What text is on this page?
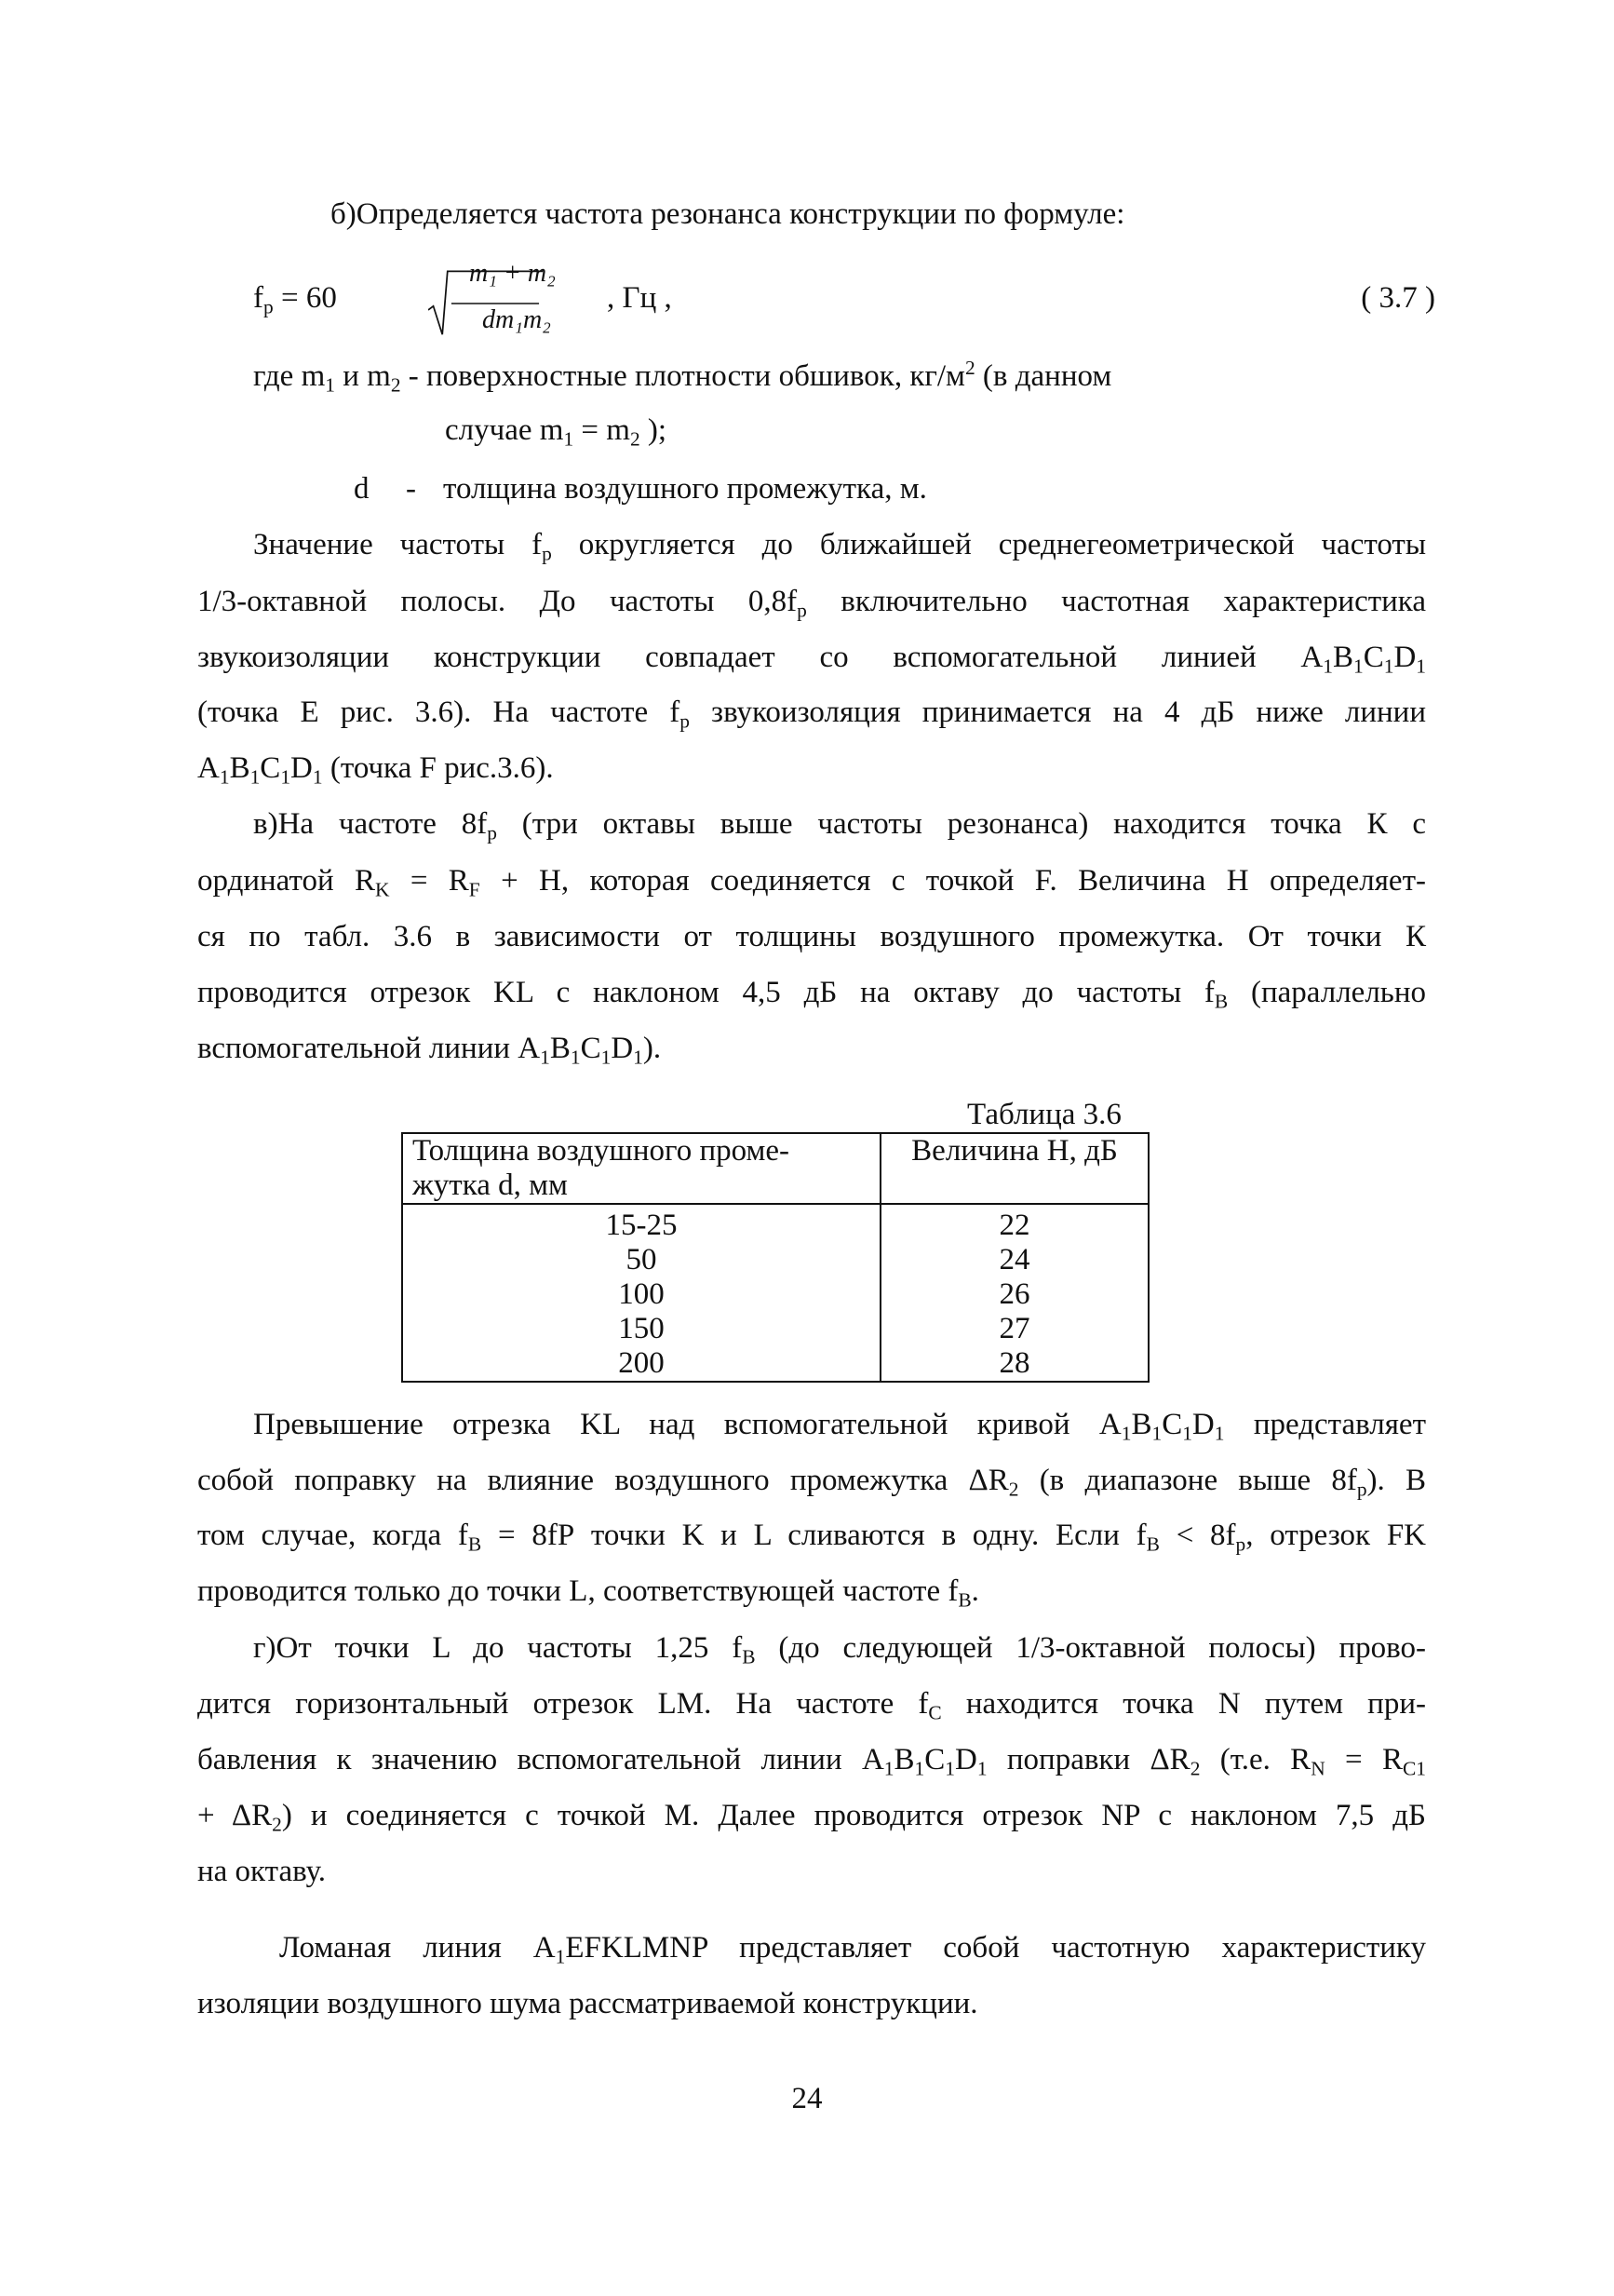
б)Определяется частота резонанса конструкции по формуле:
$f_р = 60$
m₁ + m₂
dm₁m₂
, Гц ,	( 3.7 )
где $m_1$ и $m_2$ - поверхностные плотности обшивок, $кг/м^2$ (в данном
случае $m_1 = m_2$ );
d - толщина воздушного промежутка, м.
Значение частоты $f_р$ округляется до ближайшей среднегеометрической частоты
1/3-октавной полосы. До частоты $0,8f_р$ включительно частотная характеристика
звукоизоляции конструкции совпадает со вспомогательной линией $A_1B_1C_1D_1$
(точка Е рис. 3.6). На частоте $f_р$ звукоизоляция принимается на 4 дБ ниже линии
$A_1B_1C_1D_1$ (точка F рис.3.6).
в)На частоте $8f_р$ (три октавы выше частоты резонанса) находится точка К с
ординатой $R_K = R_F + H$, которая соединяется с точкой F. Величина H определяет-
ся по табл. 3.6 в зависимости от толщины воздушного промежутка. От точки К
проводится отрезок KL с наклоном 4,5 дБ на октаву до частоты $f_B$ (параллельно
вспомогательной линии $A_1B_1C_1D_1$).
Таблица 3.6
Толщина воздушного проме-
жутка d, мм	Величина H, дБ
15-25	22
50	24
100	26
150	27
200	28
Превышение отрезка KL над вспомогательной кривой $A_1B_1C_1D_1$ представляет
собой поправку на влияние воздушного промежутка $\Delta R_2$ (в диапазоне выше $8f_р$). В
том случае, когда $f_B = 8fР$ точки K и L сливаются в одну. Если $f_B < 8f_р$, отрезок FK
проводится только до точки L, соответствующей частоте $f_B$.
г)От точки L до частоты 1,25 $f_B$ (до следующей 1/3-октавной полосы) прово-
дится горизонтальный отрезок LM. На частоте $f_C$ находится точка N путем при-
бавления к значению вспомогательной линии $A_1B_1C_1D_1$ поправки $\Delta R_2$ (т.е. $R_N = R_{C1}$
+ $\Delta R_2$) и соединяется с точкой М. Далее проводится отрезок NP с наклоном 7,5 дБ
на октаву.
Ломаная линия $A_1EFKLMNP$ представляет собой частотную характеристику
изоляции воздушного шума рассматриваемой конструкции.
24
